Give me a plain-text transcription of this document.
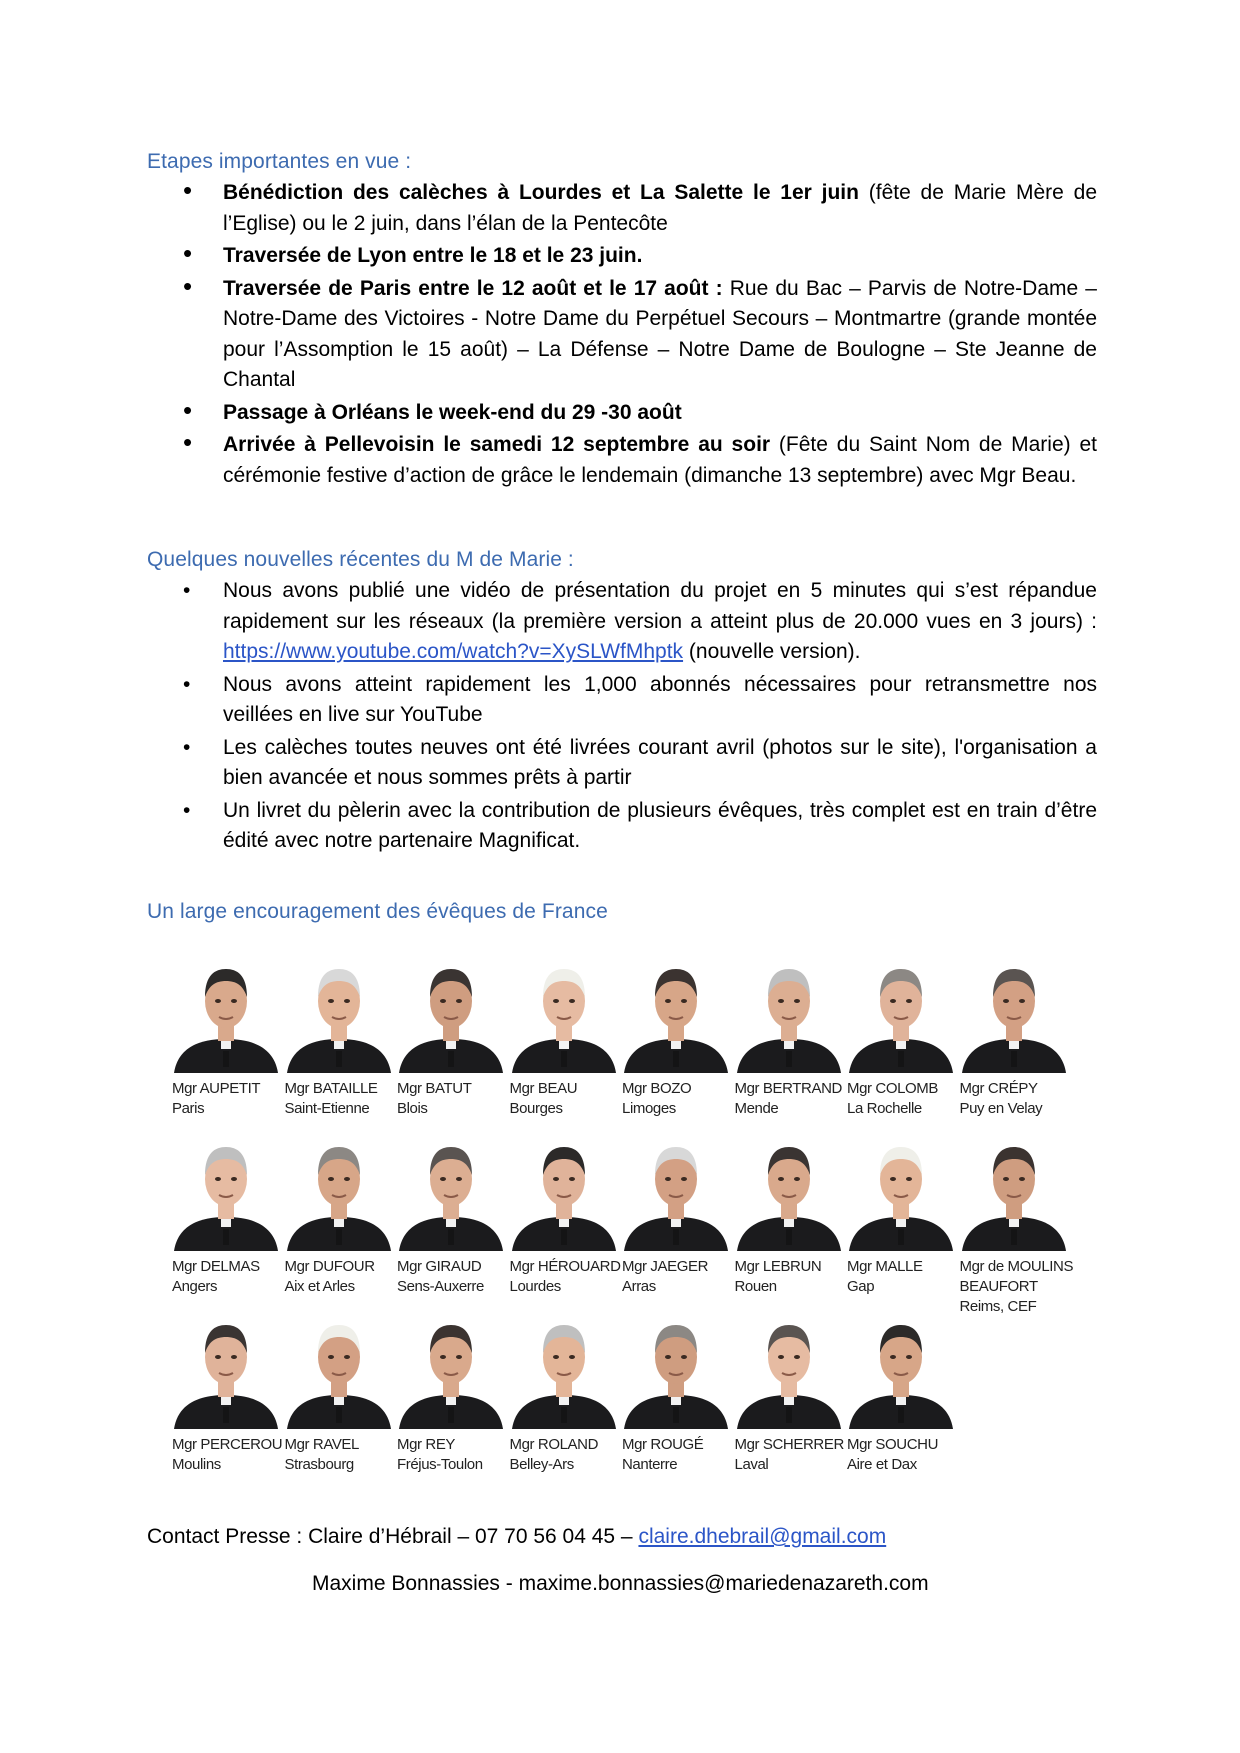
Etapes importantes en vue :
• Bénédiction des calèches à Lourdes et La Salette le 1er juin (fête de Marie Mère de l’Eglise) ou le 2 juin, dans l’élan de la Pentecôte
• Traversée de Lyon entre le 18 et le 23 juin.
• Traversée de Paris entre le 12 août et le 17 août : Rue du Bac – Parvis de Notre-Dame – Notre-Dame des Victoires - Notre Dame du Perpétuel Secours – Montmartre (grande montée pour l’Assomption le 15 août) – La Défense – Notre Dame de Boulogne – Ste Jeanne de Chantal
• Passage à Orléans le week-end du 29 -30 août
• Arrivée à Pellevoisin le samedi 12 septembre au soir (Fête du Saint Nom de Marie) et cérémonie festive d’action de grâce le lendemain (dimanche 13 septembre) avec Mgr Beau.
Quelques nouvelles récentes du M de Marie :
• Nous avons publié une vidéo de présentation du projet en 5 minutes qui s’est répandue rapidement sur les réseaux (la première version a atteint plus de 20.000 vues en 3 jours) : https://www.youtube.com/watch?v=XySLWfMhptk (nouvelle version).
• Nous avons atteint rapidement les 1,000 abonnés nécessaires pour retransmettre nos veillées en live sur YouTube
• Les calèches toutes neuves ont été livrées courant avril (photos sur le site), l'organisation a bien avancée et nous sommes prêts à partir
• Un livret du pèlerin avec la contribution de plusieurs évêques, très complet est en train d’être édité avec notre partenaire Magnificat.
Un large encouragement des évêques de France
Mgr AUPETIT
Paris
Mgr BATAILLE
Saint-Etienne
Mgr BATUT
Blois
Mgr BEAU
Bourges
Mgr BOZO
Limoges
Mgr BERTRAND
Mende
Mgr COLOMB
La Rochelle
Mgr CRÉPY
Puy en Velay
Mgr DELMAS
Angers
Mgr DUFOUR
Aix et Arles
Mgr GIRAUD
Sens-Auxerre
Mgr HÉROUARD
Lourdes
Mgr JAEGER
Arras
Mgr LEBRUN
Rouen
Mgr MALLE
Gap
Mgr de MOULINS BEAUFORT
Reims, CEF
Mgr PERCEROU
Moulins
Mgr RAVEL
Strasbourg
Mgr REY
Fréjus-Toulon
Mgr ROLAND
Belley-Ars
Mgr ROUGÉ
Nanterre
Mgr SCHERRER
Laval
Mgr SOUCHU
Aire et Dax
Contact Presse : Claire d’Hébrail – 07 70 56 04 45 – claire.dhebrail@gmail.com
Maxime Bonnassies - maxime.bonnassies@mariedenazareth.com
